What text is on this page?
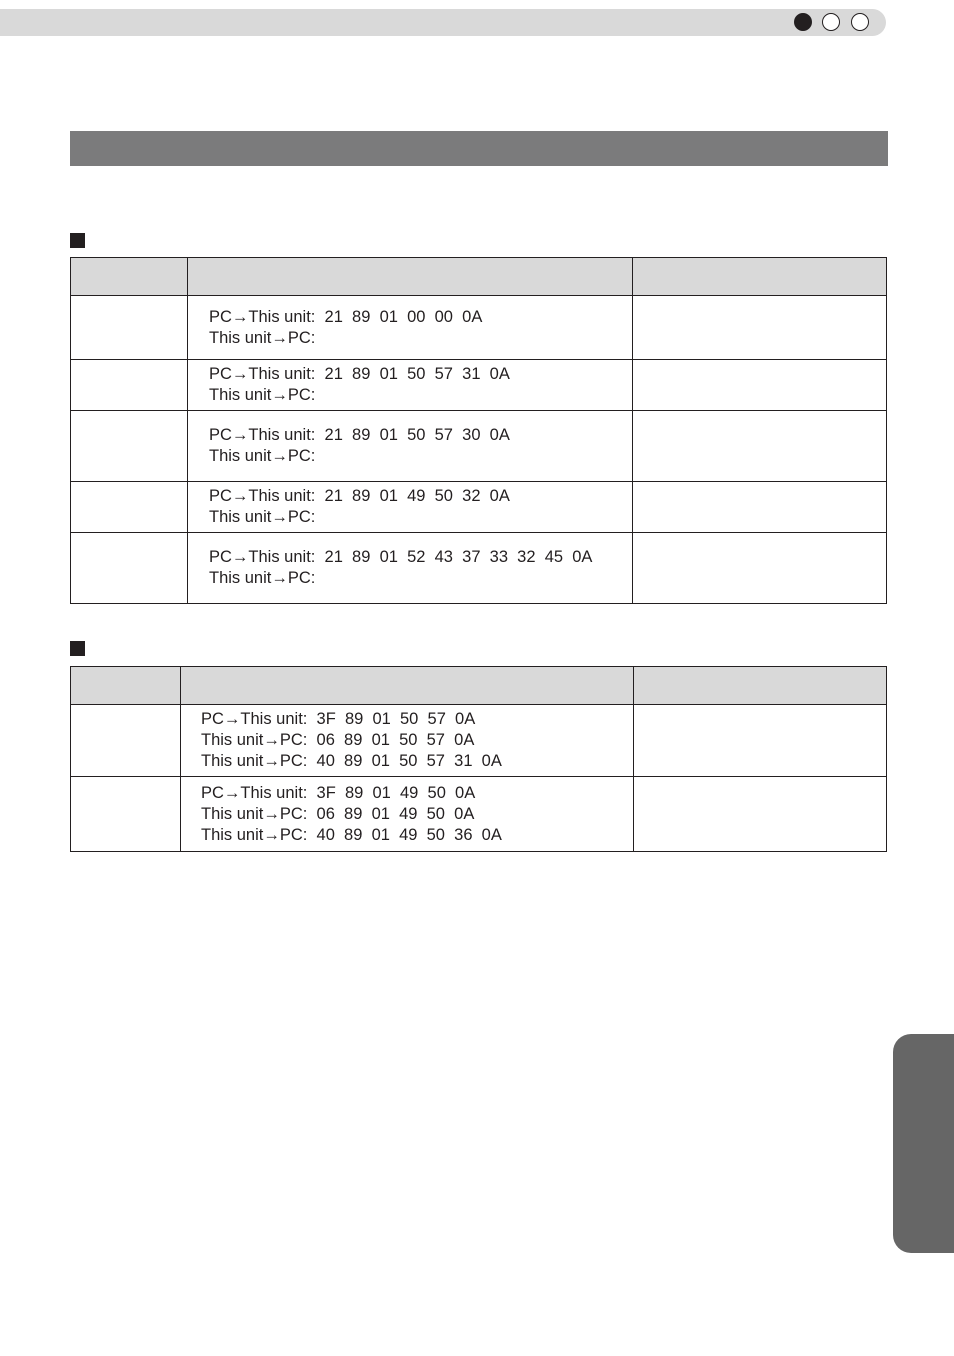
	PC→This unit:  21  89  01  00  00  0A
This unit→PC:	

	PC→This unit:  21  89  01  50  57  31  0A
This unit→PC:	

	PC→This unit:  21  89  01  50  57  30  0A
This unit→PC:	

	PC→This unit:  21  89  01  49  50  32  0A
This unit→PC:	

	PC→This unit:  21  89  01  52  43  37  33  32  45  0A
This unit→PC:	

	PC→This unit:  3F  89  01  50  57  0A
This unit→PC:  06  89  01  50  57  0A
This unit→PC:  40  89  01  50  57  31  0A	

	PC→This unit:  3F  89  01  49  50  0A
This unit→PC:  06  89  01  49  50  0A
This unit→PC:  40  89  01  49  50  36  0A	
